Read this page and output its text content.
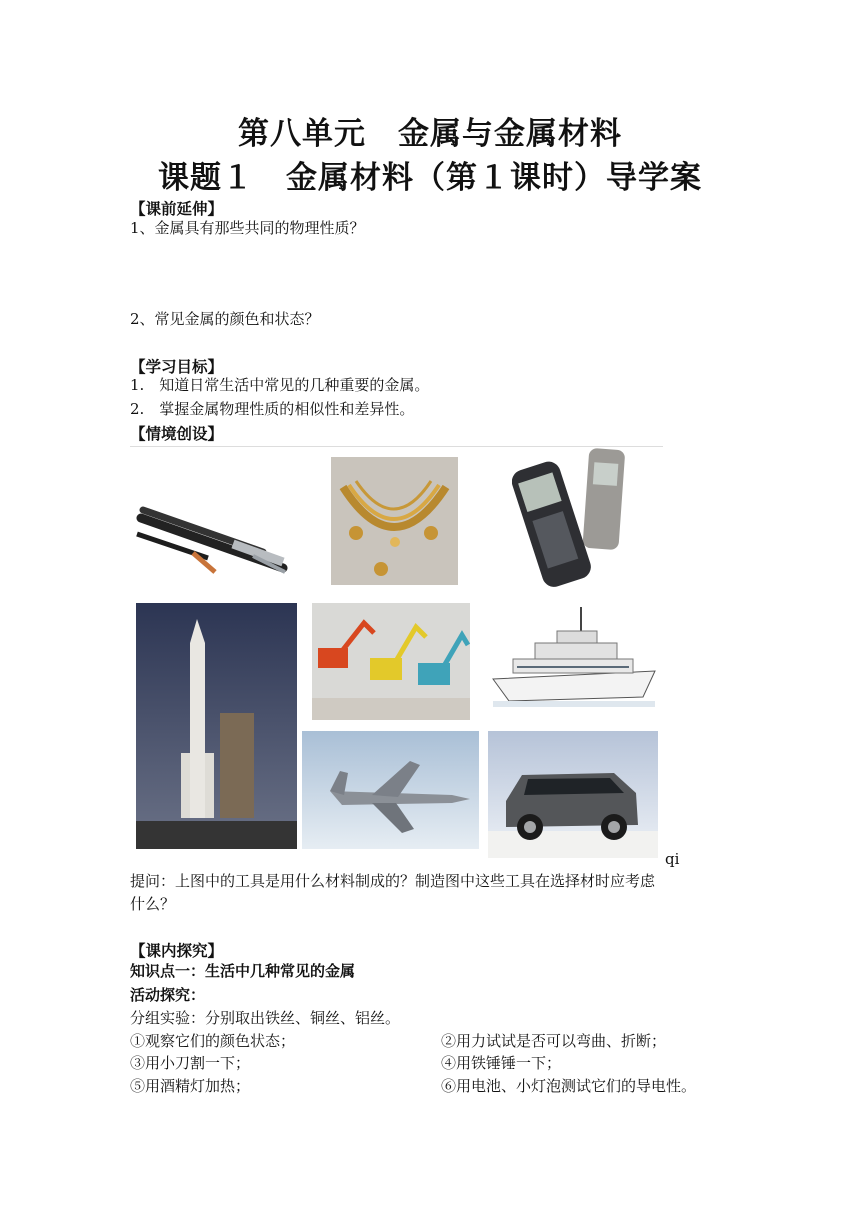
第八单元　金属与金属材料
课题１　金属材料（第１课时）导学案
【课前延伸】
1、金属具有那些共同的物理性质？
2、常见金属的颜色和状态？
【学习目标】
1.　知道日常生活中常见的几种重要的金属。
2.　掌握金属物理性质的相似性和差异性。
【情境创设】
qi
提问：上图中的工具是用什么材料制成的？制造图中这些工具在选择材时应考虑
什么？
【课内探究】
知识点一：生活中几种常见的金属
活动探究：
分组实验：分别取出铁丝、铜丝、铝丝。
①观察它们的颜色状态；	②用力试试是否可以弯曲、折断；
③用小刀割一下；	④用铁锤锤一下；
⑤用酒精灯加热；	⑥用电池、小灯泡测试它们的导电性。
